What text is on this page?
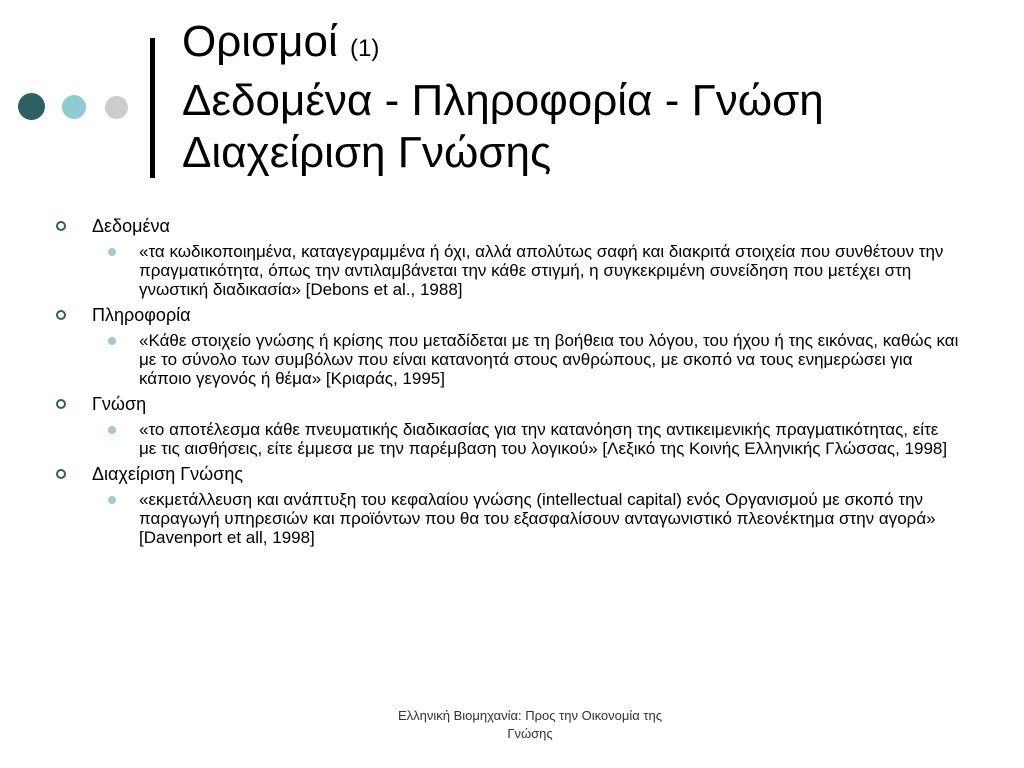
Ορισμοί (1)
Δεδομένα - Πληροφορία - Γνώση
Διαχείριση Γνώσης
Δεδομένα
«τα κωδικοποιημένα, καταγεγραμμένα ή όχι, αλλά απολύτως σαφή και διακριτά στοιχεία που συνθέτουν την πραγματικότητα, όπως την αντιλαμβάνεται την κάθε στιγμή, η συγκεκριμένη συνείδηση που μετέχει στη γνωστική διαδικασία» [Debons et al., 1988]
Πληροφορία
«Κάθε στοιχείο γνώσης ή κρίσης που μεταδίδεται με τη βοήθεια του λόγου, του ήχου ή της εικόνας, καθώς και με το σύνολο των συμβόλων που είναι κατανοητά στους ανθρώπους, με σκοπό να τους ενημερώσει για κάποιο γεγονός ή θέμα» [Κριαράς, 1995]
Γνώση
«το αποτέλεσμα κάθε πνευματικής διαδικασίας για την κατανόηση της αντικειμενικής πραγματικότητας, είτε με τις αισθήσεις, είτε έμμεσα με την παρέμβαση του λογικού» [Λεξικό της Κοινής Ελληνικής Γλώσσας, 1998]
Διαχείριση Γνώσης
«εκμετάλλευση και ανάπτυξη του κεφαλαίου γνώσης (intellectual capital) ενός Οργανισμού με σκοπό την παραγωγή υπηρεσιών και προϊόντων που θα του εξασφαλίσουν ανταγωνιστικό πλεονέκτημα στην αγορά» [Davenport et all, 1998]
Ελληνική Βιομηχανία: Προς την Οικονομία της
Γνώσης
